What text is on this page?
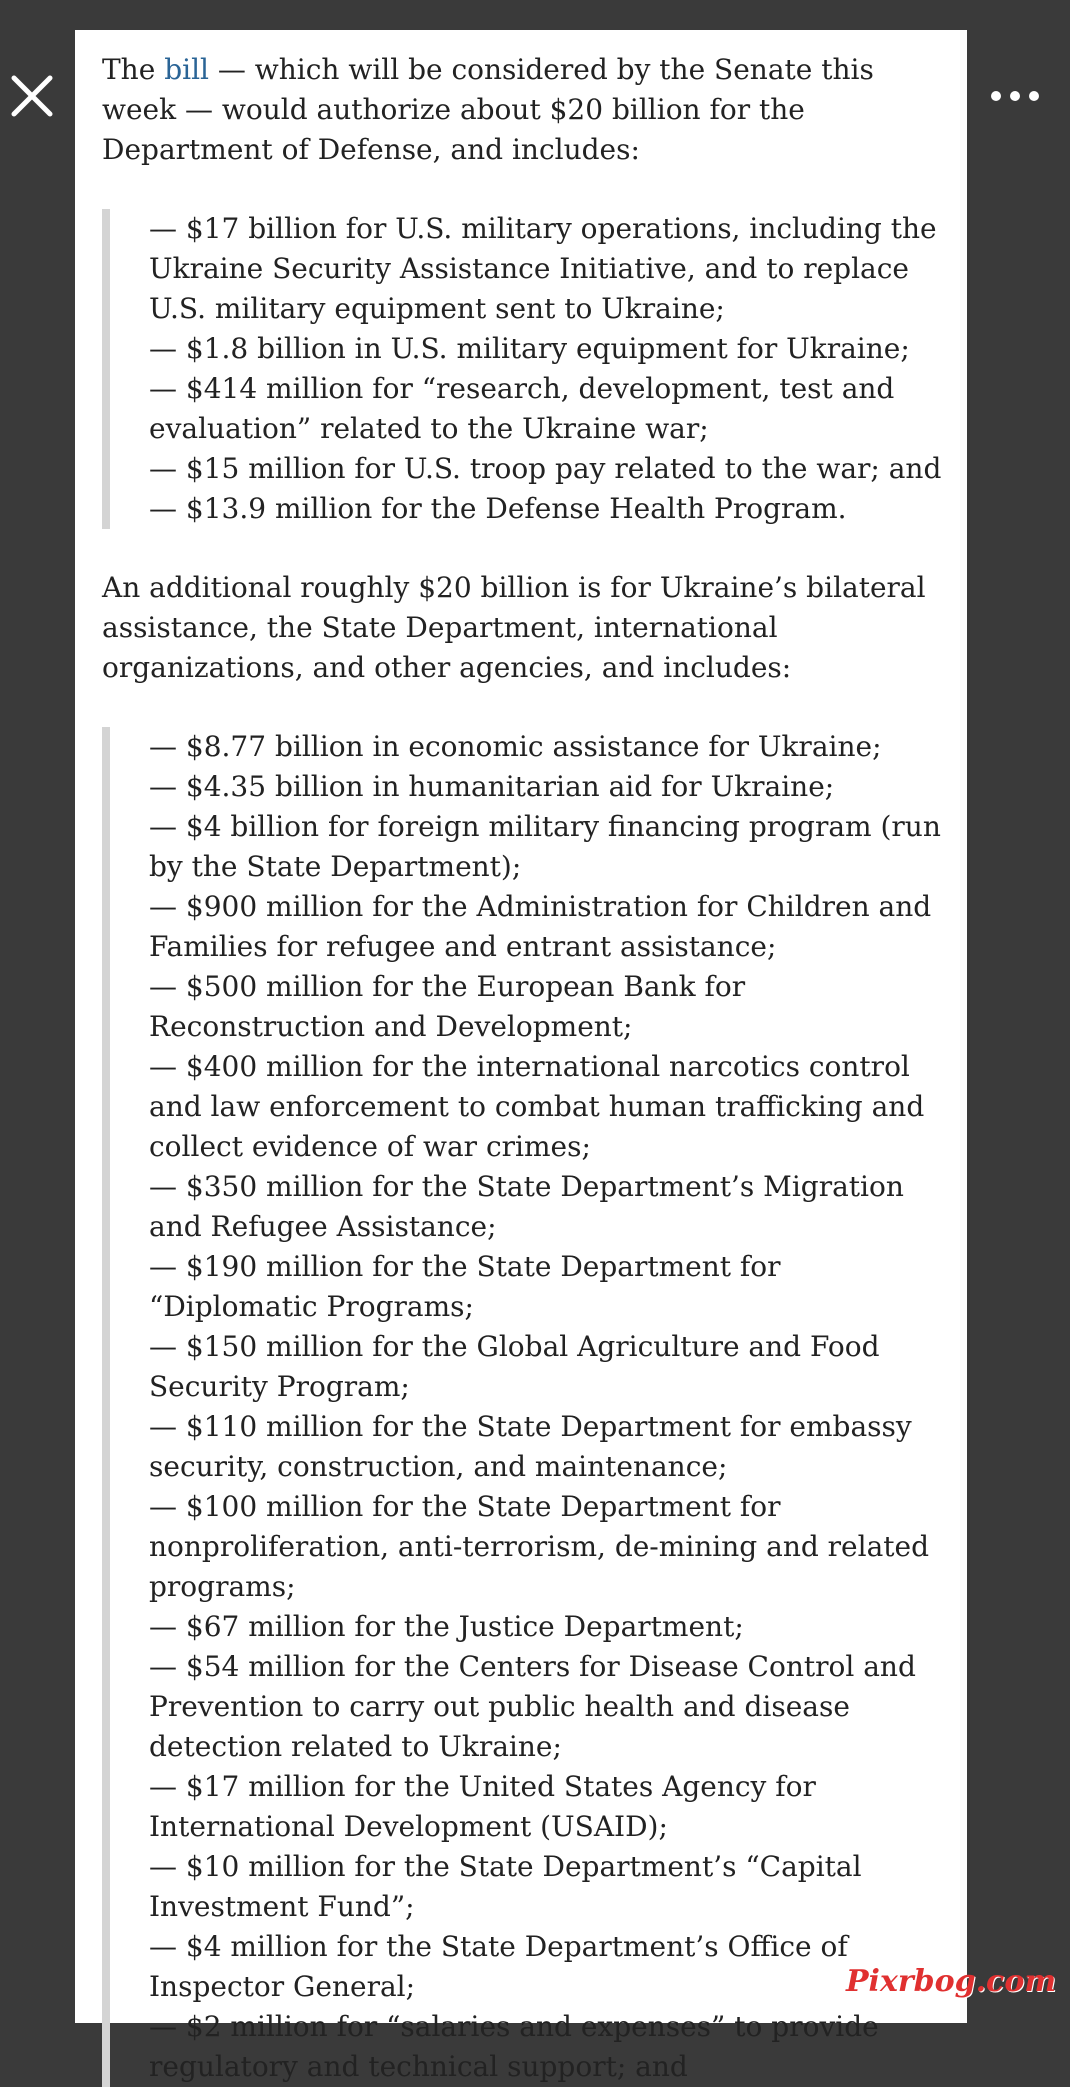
The bill — which will be considered by the Senate this week — would authorize about $20 billion for the Department of Defense, and includes:

— $17 billion for U.S. military operations, including the Ukraine Security Assistance Initiative, and to replace U.S. military equipment sent to Ukraine;

— $1.8 billion in U.S. military equipment for Ukraine;

— $414 million for “research, development, test and evaluation” related to the Ukraine war;

— $15 million for U.S. troop pay related to the war; and

— $13.9 million for the Defense Health Program.

An additional roughly $20 billion is for Ukraine’s bilateral assistance, the State Department, international organizations, and other agencies, and includes:

— $8.77 billion in economic assistance for Ukraine;

— $4.35 billion in humanitarian aid for Ukraine;

— $4 billion for foreign military financing program (run by the State Department);

— $900 million for the Administration for Children and Families for refugee and entrant assistance;

— $500 million for the European Bank for Reconstruction and Development;

— $400 million for the international narcotics control and law enforcement to combat human trafficking and collect evidence of war crimes;

— $350 million for the State Department’s Migration and Refugee Assistance;

— $190 million for the State Department for “Diplomatic Programs;

— $150 million for the Global Agriculture and Food Security Program;

— $110 million for the State Department for embassy security, construction, and maintenance;

— $100 million for the State Department for nonproliferation, anti-terrorism, de-mining and related programs;

— $67 million for the Justice Department;

— $54 million for the Centers for Disease Control and Prevention to carry out public health and disease detection related to Ukraine;

— $17 million for the United States Agency for International Development (USAID);

— $10 million for the State Department’s “Capital Investment Fund”;

— $4 million for the State Department’s Office of Inspector General;

— $2 million for “salaries and expenses” to provide regulatory and technical support; and

Pixrbog.com
